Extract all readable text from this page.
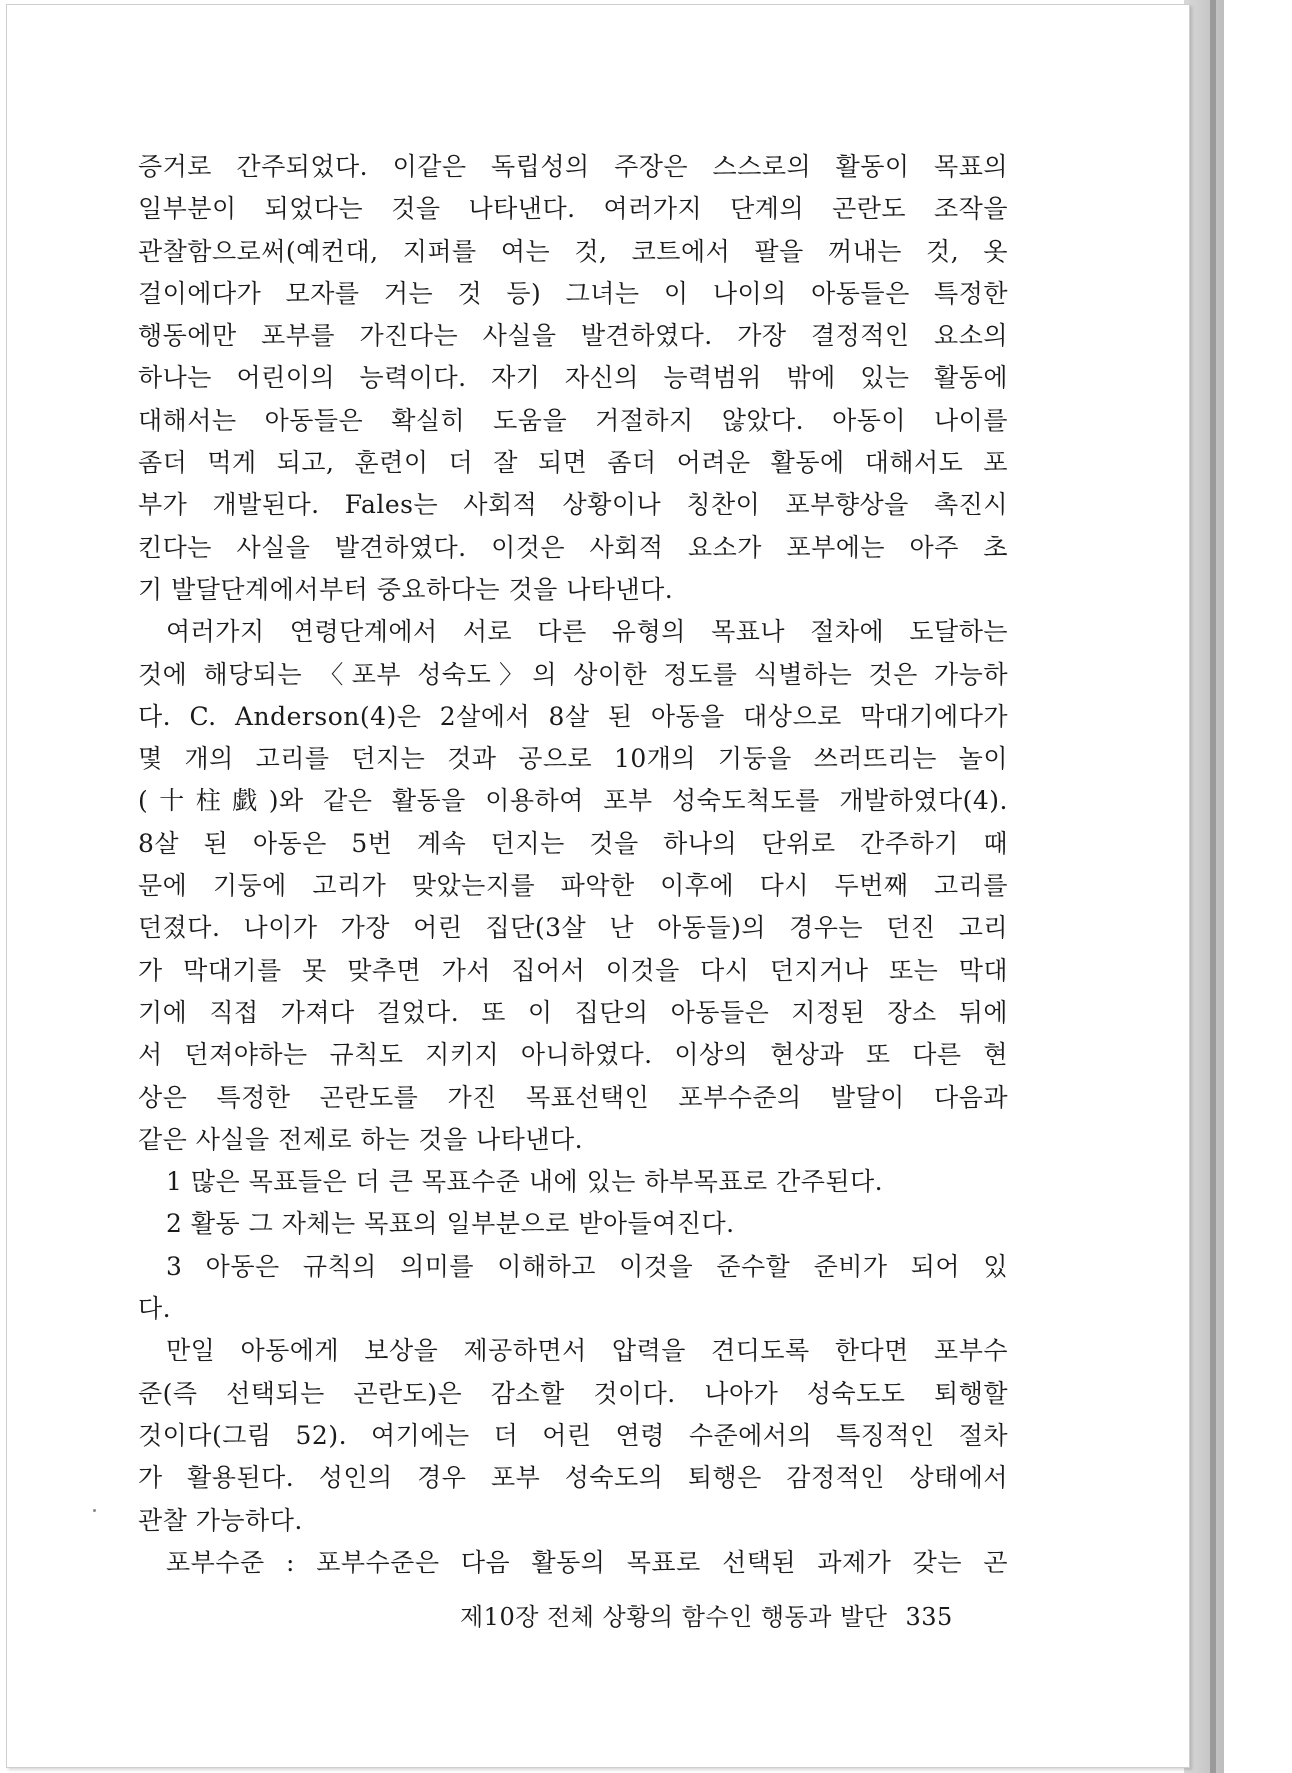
증거로 간주되었다. 이같은 독립성의 주장은 스스로의 활동이 목표의
일부분이 되었다는 것을 나타낸다. 여러가지 단계의 곤란도 조작을
관찰함으로써(예컨대, 지퍼를 여는 것, 코트에서 팔을 꺼내는 것, 옷
걸이에다가 모자를 거는 것 등) 그녀는 이 나이의 아동들은 특정한
행동에만 포부를 가진다는 사실을 발견하였다. 가장 결정적인 요소의
하나는 어린이의 능력이다. 자기 자신의 능력범위 밖에 있는 활동에
대해서는 아동들은 확실히 도움을 거절하지 않았다. 아동이 나이를
좀더 먹게 되고, 훈련이 더 잘 되면 좀더 어려운 활동에 대해서도 포
부가 개발된다. Fales는 사회적 상황이나 칭찬이 포부향상을 촉진시
킨다는 사실을 발견하였다. 이것은 사회적 요소가 포부에는 아주 초
기 발달단계에서부터 중요하다는 것을 나타낸다.
여러가지 연령단계에서 서로 다른 유형의 목표나 절차에 도달하는
것에 해당되는 〈포부 성숙도〉의 상이한 정도를 식별하는 것은 가능하
다. C. Anderson(4)은 2살에서 8살 된 아동을 대상으로 막대기에다가
몇 개의 고리를 던지는 것과 공으로 10개의 기둥을 쓰러뜨리는 놀이
(十柱戯)와 같은 활동을 이용하여 포부 성숙도척도를 개발하였다(4).
8살 된 아동은 5번 계속 던지는 것을 하나의 단위로 간주하기 때
문에 기둥에 고리가 맞았는지를 파악한 이후에 다시 두번째 고리를
던졌다. 나이가 가장 어린 집단(3살 난 아동들)의 경우는 던진 고리
가 막대기를 못 맞추면 가서 집어서 이것을 다시 던지거나 또는 막대
기에 직접 가져다 걸었다. 또 이 집단의 아동들은 지정된 장소 뒤에
서 던져야하는 규칙도 지키지 아니하였다. 이상의 현상과 또 다른 현
상은 특정한 곤란도를 가진 목표선택인 포부수준의 발달이 다음과
같은 사실을 전제로 하는 것을 나타낸다.
1 많은 목표들은 더 큰 목표수준 내에 있는 하부목표로 간주된다.
2 활동 그 자체는 목표의 일부분으로 받아들여진다.
3 아동은 규칙의 의미를 이해하고 이것을 준수할 준비가 되어 있
다.
만일 아동에게 보상을 제공하면서 압력을 견디도록 한다면 포부수
준(즉 선택되는 곤란도)은 감소할 것이다. 나아가 성숙도도 퇴행할
것이다(그림 52). 여기에는 더 어린 연령 수준에서의 특징적인 절차
가 활용된다. 성인의 경우 포부 성숙도의 퇴행은 감정적인 상태에서
관찰 가능하다.
포부수준 : 포부수준은 다음 활동의 목표로 선택된 과제가 갖는 곤
제10장 전체 상황의 함수인 행동과 발단 335
